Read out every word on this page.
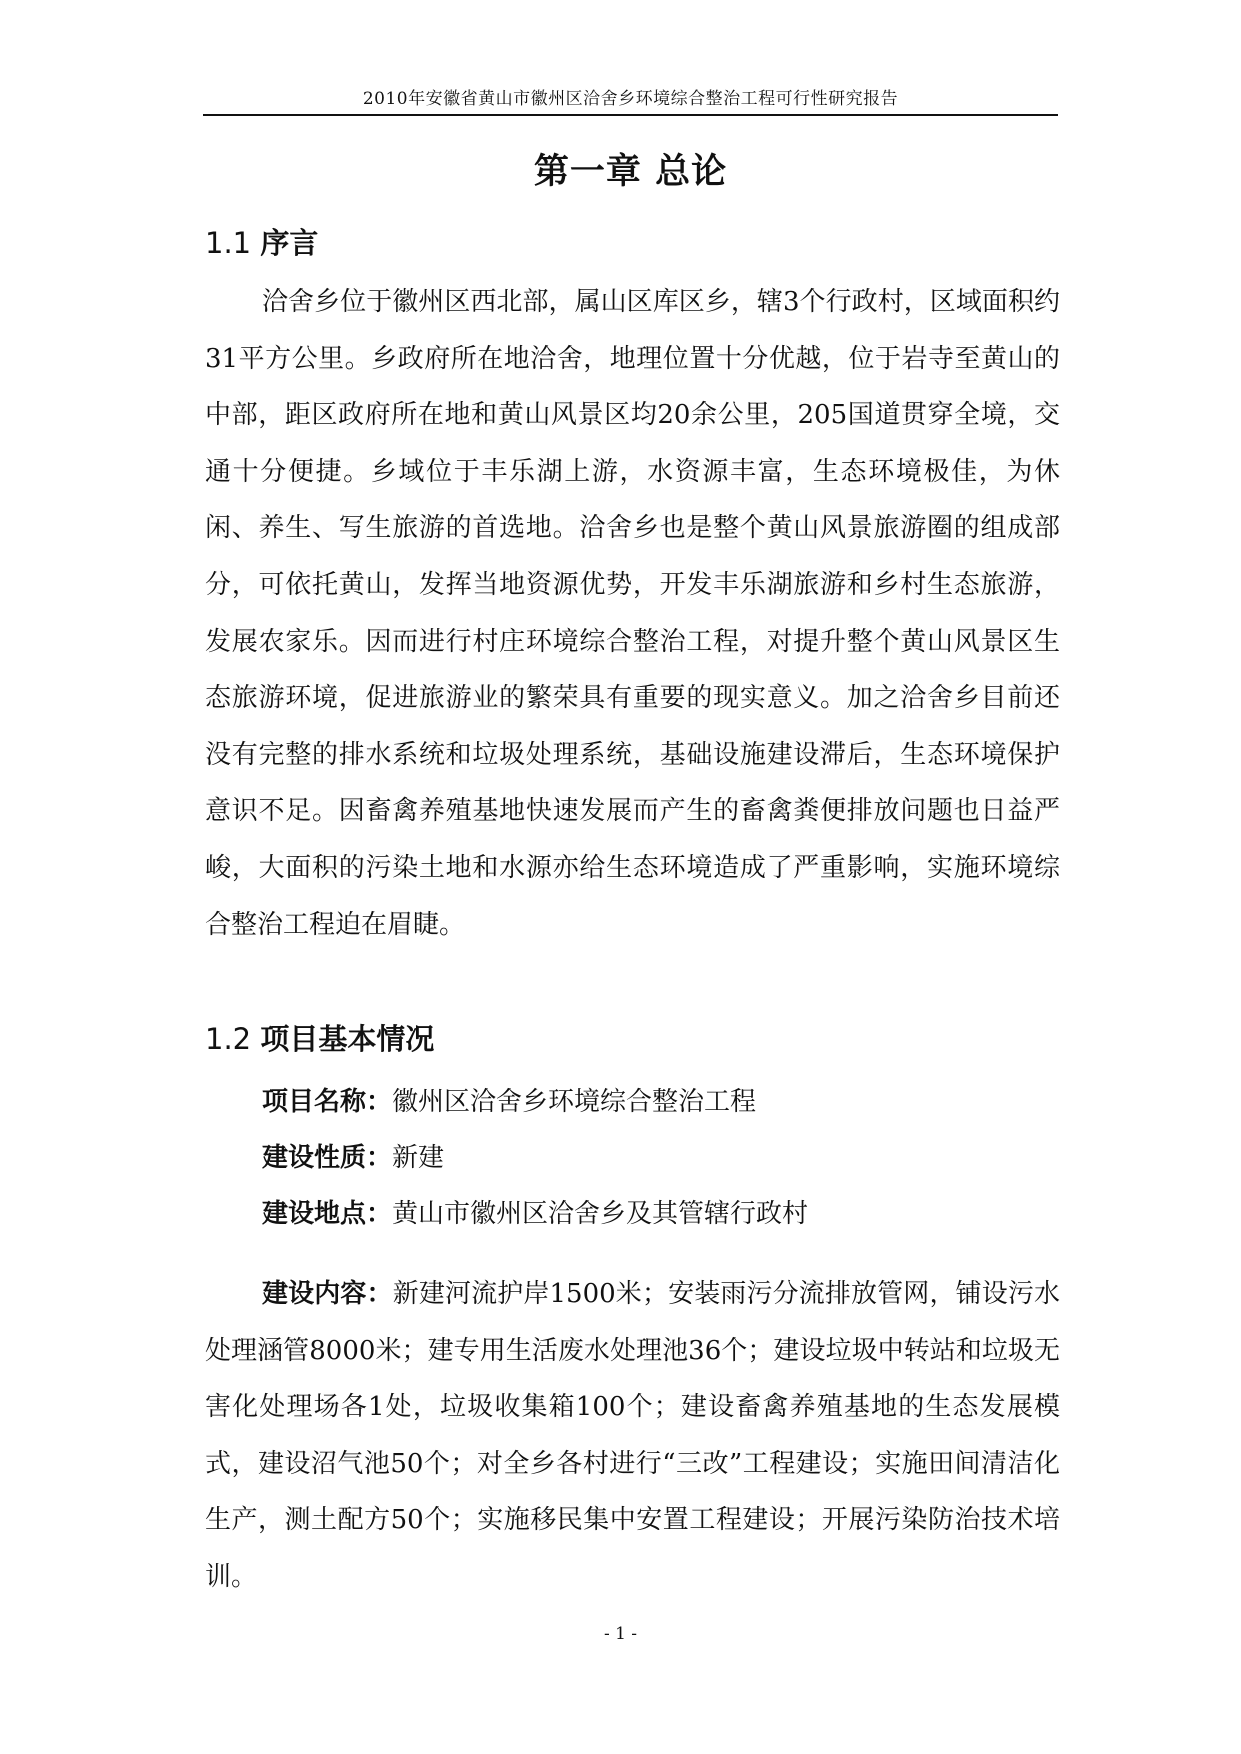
2010年安徽省黄山市徽州区洽舍乡环境综合整治工程可行性研究报告
第一章 总论
1.1 序言

洽舍乡位于徽州区西北部，属山区库区乡，辖3个行政村，区域面积约31平方公里。乡政府所在地洽舍，地理位置十分优越，位于岩寺至黄山的中部，距区政府所在地和黄山风景区均20余公里，205国道贯穿全境，交通十分便捷。乡域位于丰乐湖上游，水资源丰富，生态环境极佳，为休闲、养生、写生旅游的首选地。洽舍乡也是整个黄山风景旅游圈的组成部分，可依托黄山，发挥当地资源优势，开发丰乐湖旅游和乡村生态旅游，发展农家乐。因而进行村庄环境综合整治工程，对提升整个黄山风景区生态旅游环境，促进旅游业的繁荣具有重要的现实意义。加之洽舍乡目前还没有完整的排水系统和垃圾处理系统，基础设施建设滞后，生态环境保护意识不足。因畜禽养殖基地快速发展而产生的畜禽粪便排放问题也日益严峻，大面积的污染土地和水源亦给生态环境造成了严重影响，实施环境综合整治工程迫在眉睫。

1.2 项目基本情况
项目名称：徽州区洽舍乡环境综合整治工程
建设性质：新建
建设地点：黄山市徽州区洽舍乡及其管辖行政村

建设内容：新建河流护岸1500米；安装雨污分流排放管网，铺设污水处理涵管8000米；建专用生活废水处理池36个；建设垃圾中转站和垃圾无害化处理场各1处，垃圾收集箱100个；建设畜禽养殖基地的生态发展模式，建设沼气池50个；对全乡各村进行“三改”工程建设；实施田间清洁化生产，测土配方50个；实施移民集中安置工程建设；开展污染防治技术培训。

- 1 -
